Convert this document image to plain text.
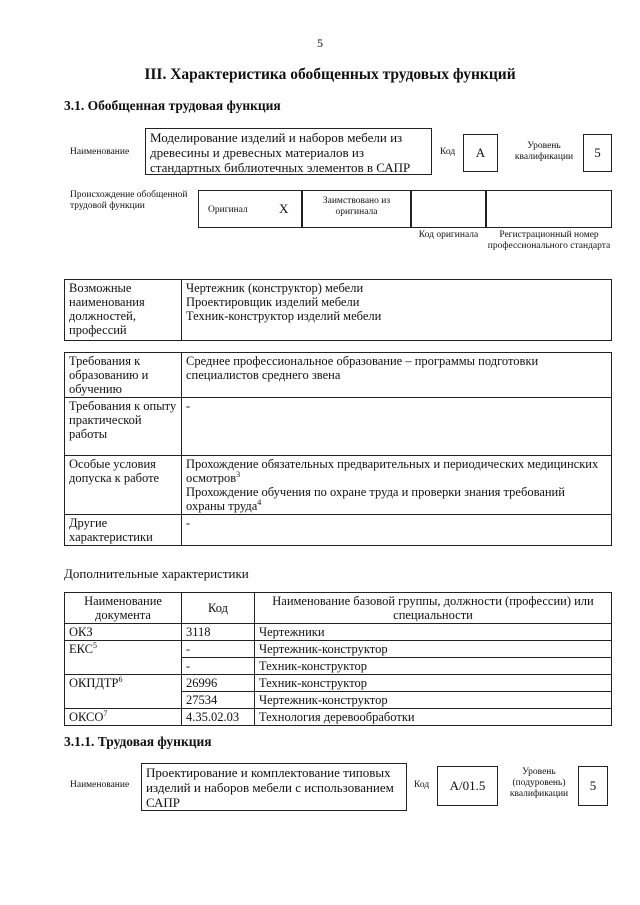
5
III. Характеристика обобщенных трудовых функций
3.1. Обобщенная трудовая функция
Наименование
Моделирование изделий и наборов мебели из древесины и древесных материалов из стандартных библиотечных элементов в САПР
Код	А	Уровень квалификации	5
Происхождение обобщенной трудовой функции	Оригинал Х	Заимствовано из оригинала
Код оригинала	Регистрационный номер профессионального стандарта
Возможные наименования должностей, профессий	
Чертежник (конструктор) мебели
Проектировщик изделий мебели
Техник-конструктор изделий мебели
Требования к образованию и обучению	Среднее профессиональное образование – программы подготовки специалистов среднего звена
Требования к опыту практической работы	-
Особые условия допуска к работе	Прохождение обязательных предварительных и периодических медицинских осмотров$^3$
Прохождение обучения по охране труда и проверки знания требований охраны труда$^4$

Другие характеристики	-
Дополнительные характеристики
Наименование документа	Код	Наименование базовой группы, должности (профессии) или специальности
ОКЗ	3118	Чертежники
ЕКС$^5$	-	Чертежник-конструктор
	-	Техник-конструктор
ОКПДТР$^6$	26996	Техник-конструктор
	27534	Чертежник-конструктор
ОКСО$^7$	4.35.02.03	Технология деревообработки
3.1.1. Трудовая функция
Наименование
Проектирование и комплектование типовых изделий и наборов мебели с использованием САПР
Код	A/01.5
Уровень (подуровень) квалификации
5
